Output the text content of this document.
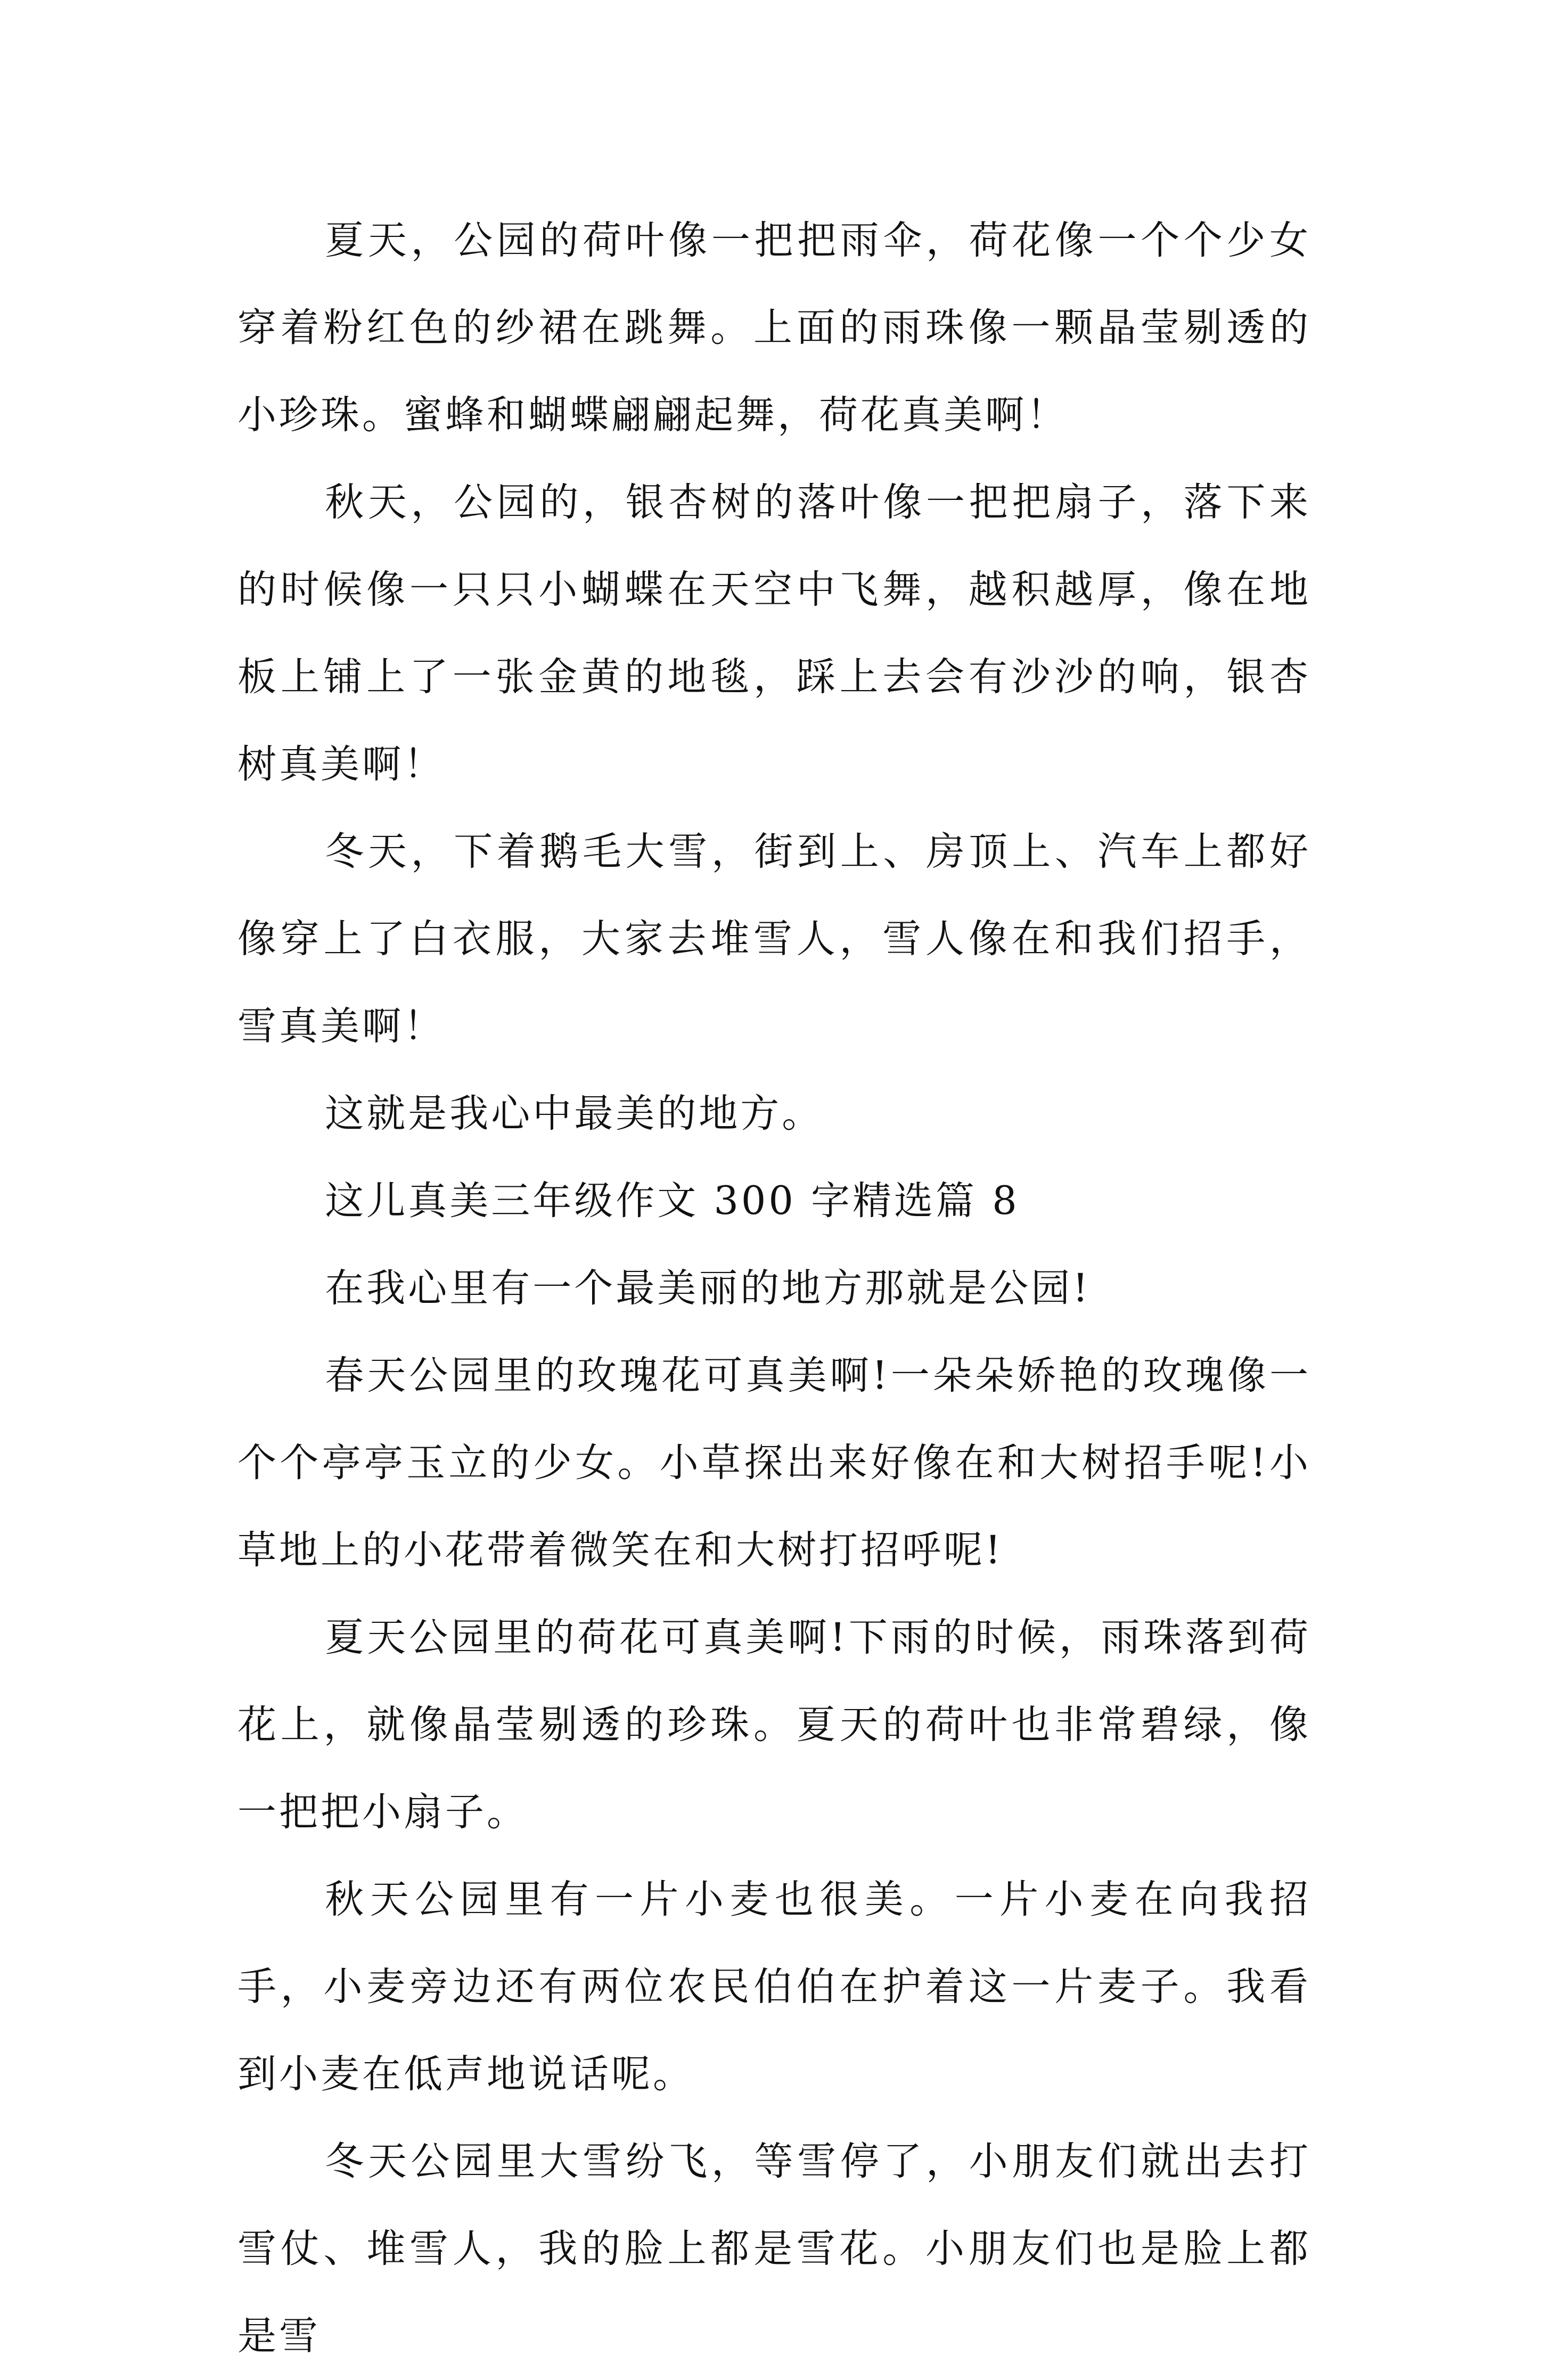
夏天，公园的荷叶像一把把雨伞，荷花像一个个少女穿着粉红色的纱裙在跳舞。上面的雨珠像一颗晶莹剔透的小珍珠。蜜蜂和蝴蝶翩翩起舞，荷花真美啊！

秋天，公园的，银杏树的落叶像一把把扇子，落下来的时候像一只只小蝴蝶在天空中飞舞，越积越厚，像在地板上铺上了一张金黄的地毯，踩上去会有沙沙的响，银杏树真美啊！

冬天，下着鹅毛大雪，街到上、房顶上、汽车上都好像穿上了白衣服，大家去堆雪人，雪人像在和我们招手，雪真美啊！

这就是我心中最美的地方。

这儿真美三年级作文 300 字精选篇 8

在我心里有一个最美丽的地方那就是公园!

春天公园里的玫瑰花可真美啊!一朵朵娇艳的玫瑰像一个个亭亭玉立的少女。小草探出来好像在和大树招手呢!小草地上的小花带着微笑在和大树打招呼呢!

夏天公园里的荷花可真美啊!下雨的时候，雨珠落到荷花上，就像晶莹剔透的珍珠。夏天的荷叶也非常碧绿，像一把把小扇子。

秋天公园里有一片小麦也很美。一片小麦在向我招手，小麦旁边还有两位农民伯伯在护着这一片麦子。我看到小麦在低声地说话呢。

冬天公园里大雪纷飞，等雪停了，小朋友们就出去打雪仗、堆雪人，我的脸上都是雪花。小朋友们也是脸上都是雪
